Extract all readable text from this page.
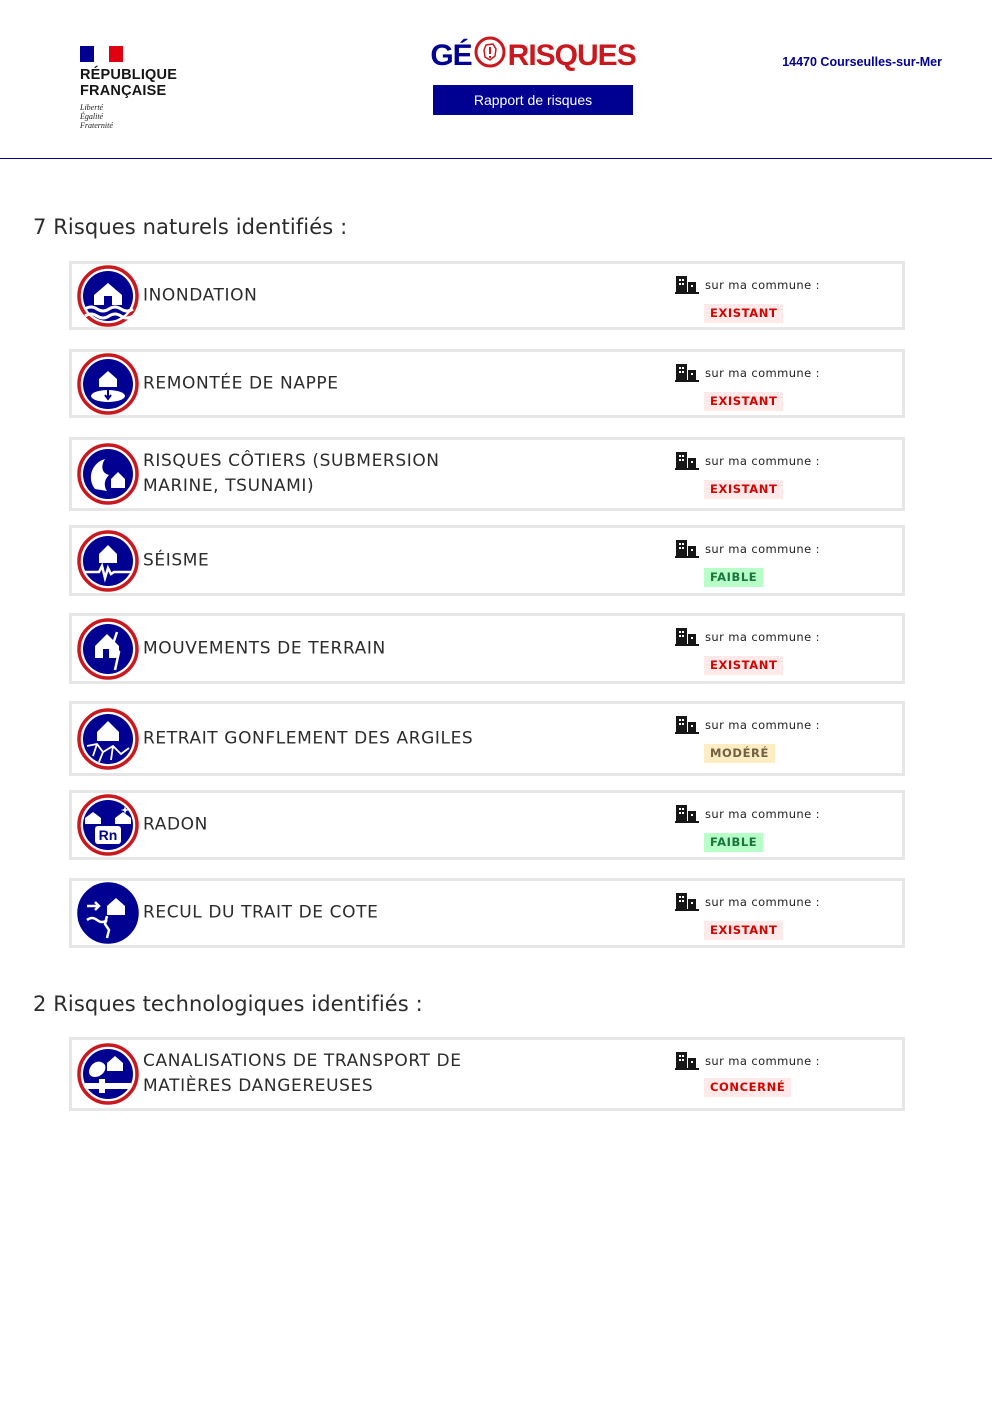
RÉPUBLIQUE
FRANÇAISE
Liberté
Égalité
Fraternité
GÉ RISQUES
Rapport de risques
14470 Courseulles-sur-Mer
7 Risques naturels identifiés :
INONDATION
sur ma commune :
EXISTANT
REMONTÉE DE NAPPE
sur ma commune :
EXISTANT
RISQUES CÔTIERS (SUBMERSION MARINE, TSUNAMI)
sur ma commune :
EXISTANT
SÉISME
sur ma commune :
FAIBLE
MOUVEMENTS DE TERRAIN
sur ma commune :
EXISTANT
RETRAIT GONFLEMENT DES ARGILES
sur ma commune :
MODÉRÉ
Rn
RADON
sur ma commune :
FAIBLE
RECUL DU TRAIT DE COTE
sur ma commune :
EXISTANT
2 Risques technologiques identifiés :
CANALISATIONS DE TRANSPORT DE MATIÈRES DANGEREUSES
sur ma commune :
CONCERNÉ
